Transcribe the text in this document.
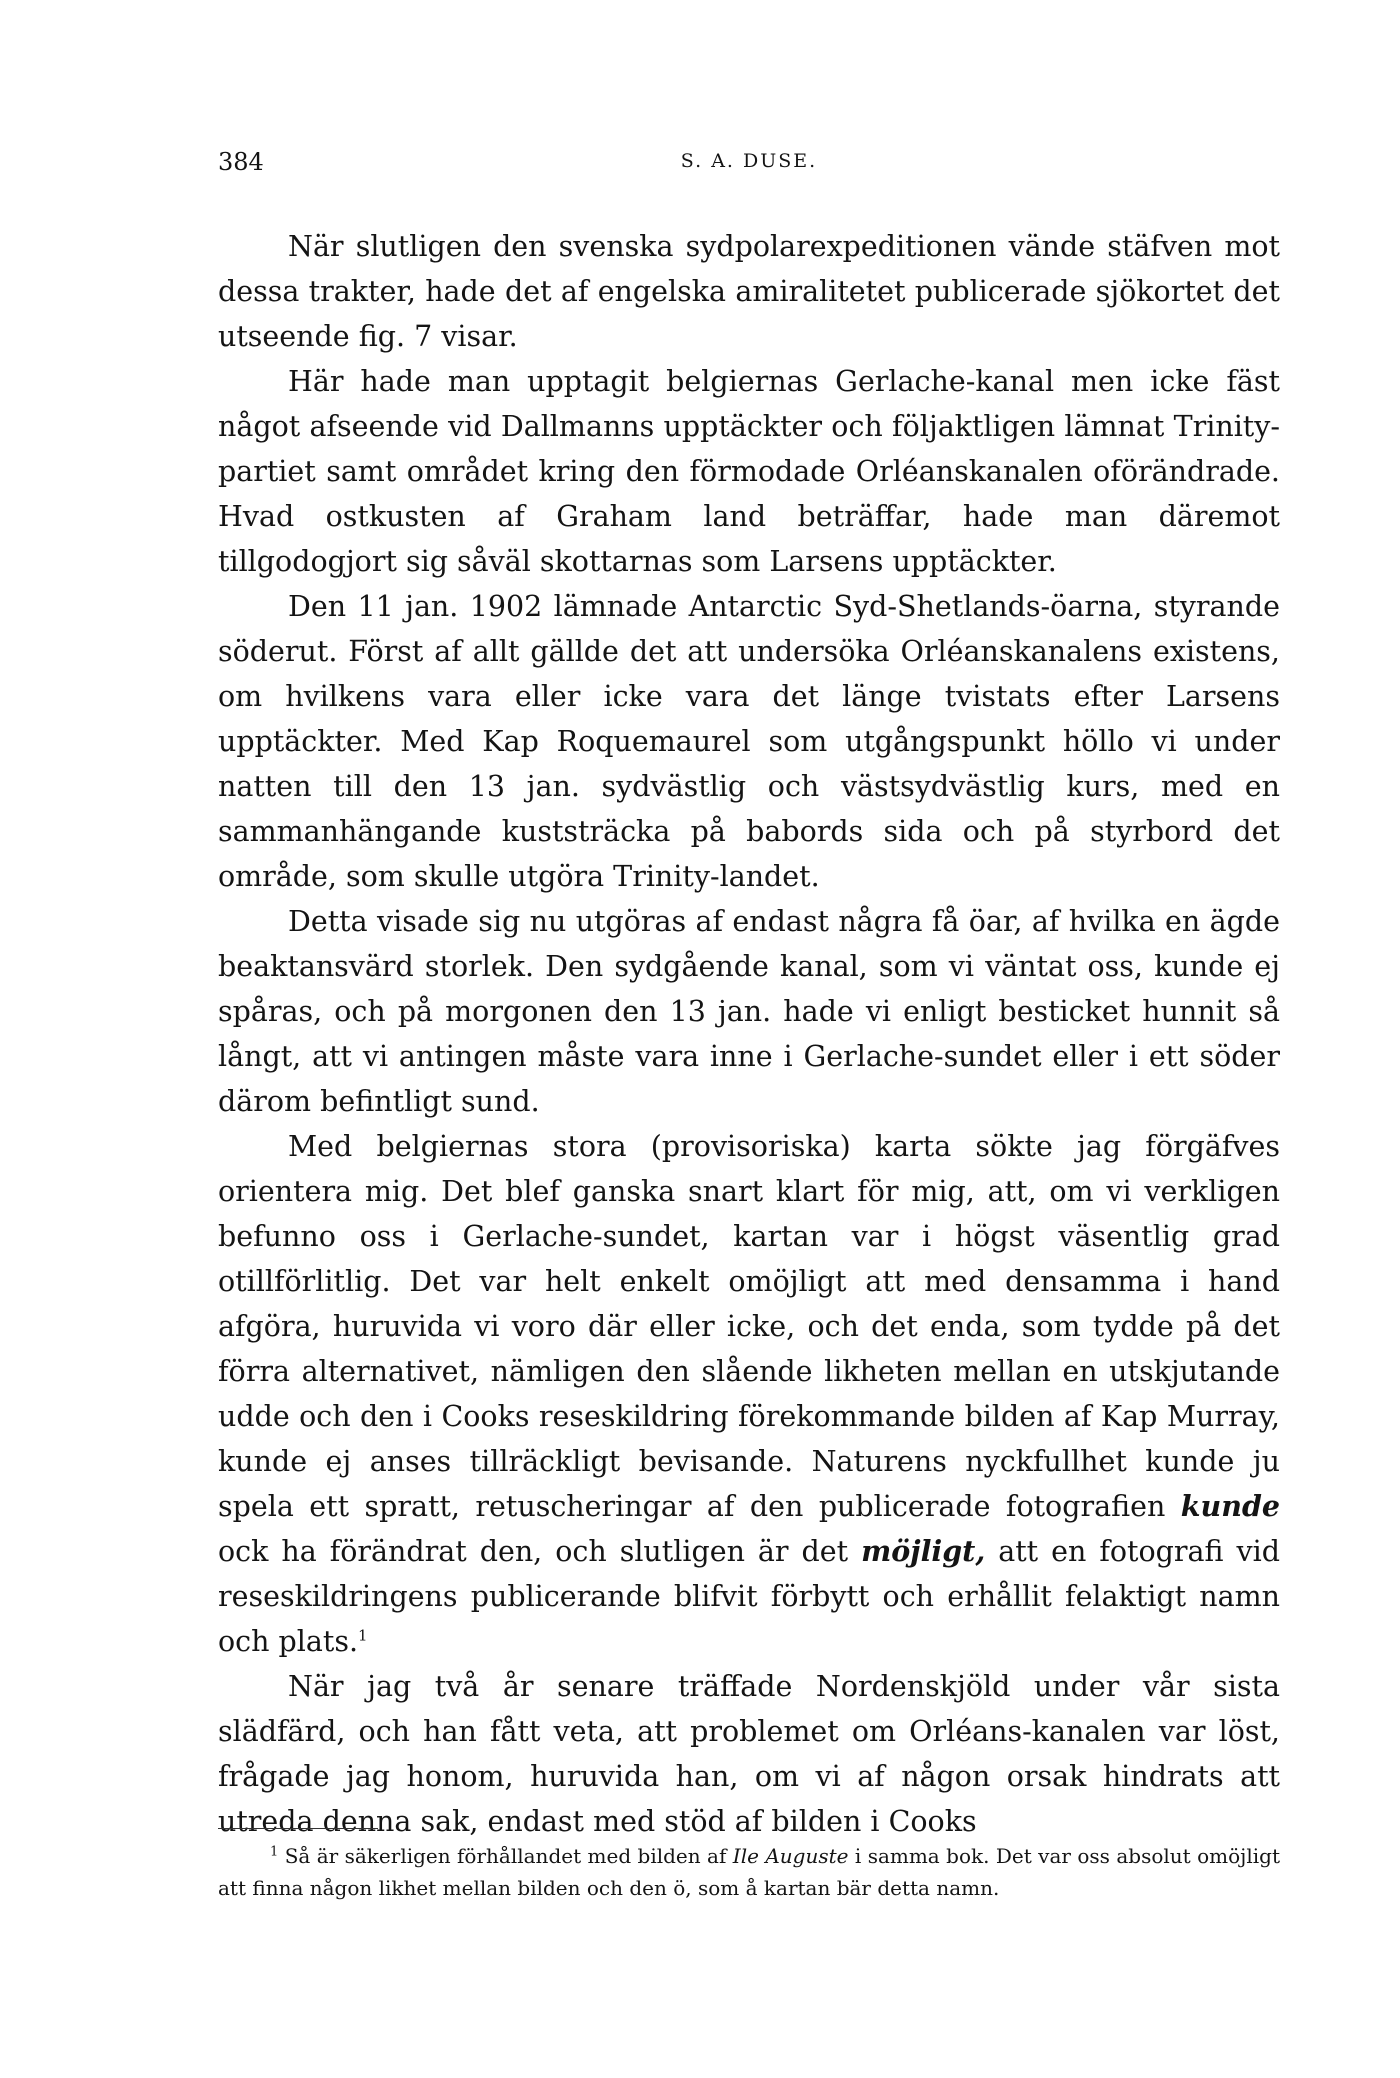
384	S. A. DUSE.

När slutligen den svenska sydpolarexpeditionen vände stäfven mot dessa trakter, hade det af engelska amiralitetet publicerade sjökortet det utseende fig. 7 visar.

Här hade man upptagit belgiernas Gerlache-kanal men icke fäst något afseende vid Dallmanns upptäckter och följaktligen lämnat Trinity-partiet samt området kring den förmodade Orléanskanalen oförändrade. Hvad ostkusten af Graham land beträffar, hade man däremot tillgodogjort sig såväl skottarnas som Larsens upptäckter.

Den 11 jan. 1902 lämnade Antarctic Syd-Shetlands-öarna, styrande söderut. Först af allt gällde det att undersöka Orléanskanalens existens, om hvilkens vara eller icke vara det länge tvistats efter Larsens upptäckter. Med Kap Roquemaurel som utgångspunkt höllo vi under natten till den 13 jan. sydvästlig och västsydvästlig kurs, med en sammanhängande kuststräcka på babords sida och på styrbord det område, som skulle utgöra Trinity-landet.

Detta visade sig nu utgöras af endast några få öar, af hvilka en ägde beaktansvärd storlek. Den sydgående kanal, som vi väntat oss, kunde ej spåras, och på morgonen den 13 jan. hade vi enligt besticket hunnit så långt, att vi antingen måste vara inne i Gerlache-sundet eller i ett söder därom befintligt sund.

Med belgiernas stora (provisoriska) karta sökte jag förgäfves orientera mig. Det blef ganska snart klart för mig, att, om vi verkligen befunno oss i Gerlache-sundet, kartan var i högst väsentlig grad otillförlitlig. Det var helt enkelt omöjligt att med densamma i hand afgöra, huruvida vi voro där eller icke, och det enda, som tydde på det förra alternativet, nämligen den slående likheten mellan en utskjutande udde och den i Cooks reseskildring förekommande bilden af Kap Murray, kunde ej anses tillräckligt bevisande. Naturens nyckfullhet kunde ju spela ett spratt, retuscheringar af den publicerade fotografien kunde ock ha förändrat den, och slutligen är det möjligt, att en fotografi vid reseskildringens publicerande blifvit förbytt och erhållit felaktigt namn och plats.$^1$

När jag två år senare träffade Nordenskjöld under vår sista slädfärd, och han fått veta, att problemet om Orléans-kanalen var löst, frågade jag honom, huruvida han, om vi af någon orsak hindrats att utreda denna sak, endast med stöd af bilden i Cooks

$^1$ Så är säkerligen förhållandet med bilden af Ile Auguste i samma bok. Det var oss absolut omöjligt att finna någon likhet mellan bilden och den ö, som å kartan bär detta namn.
